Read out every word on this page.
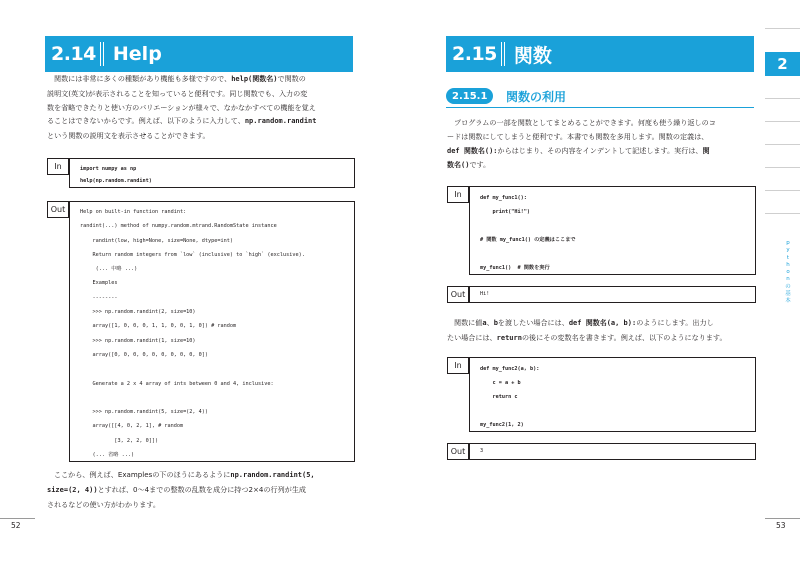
2.14 Help
関数には非常に多くの種類があり機能も多様ですので、help(関数名)で関数の
説明文(英文)が表示されることを知っていると便利です。同じ関数でも、入力の変
数を省略できたりと使い方のバリエーションが様々で、なかなかすべての機能を覚え
ることはできないからです。例えば、以下のように入力して、np.random.randint
という関数の説明文を表示させることができます。
In	import numpy as np
help(np.random.randint)
Out	Help on built-in function randint:
randint(...) method of numpy.random.mtrand.RandomState instance
randint(low, high=None, size=None, dtype=int)
Return random integers from `low` (inclusive) to `high` (exclusive).
(... 中略 ...)
Examples
--------
>>> np.random.randint(2, size=10)
array([1, 0, 0, 0, 1, 1, 0, 0, 1, 0]) # random
>>> np.random.randint(1, size=10)
array([0, 0, 0, 0, 0, 0, 0, 0, 0, 0])

Generate a 2 x 4 array of ints between 0 and 4, inclusive:

>>> np.random.randint(5, size=(2, 4))
array([[4, 0, 2, 1], # random
[3, 2, 2, 0]])
(... 省略 ...)
ここから、例えば、Examplesの下のほうにあるようにnp.random.randint(5,
size=(2, 4))とすれば、0〜4までの整数の乱数を成分に持つ2×4の行列が生成
されるなどの使い方がわかります。
52
2.15 関数
2.15.1	関数の利用
プログラムの一部を関数としてまとめることができます。何度も使う繰り返しのコ
ードは関数にしてしまうと便利です。本書でも関数を多用します。関数の定義は、
def 関数名():からはじまり、その内容をインデントして記述します。実行は、関
数名()です。
In	def my_func1():
print("Hi!")

# 関数 my_func1() の定義はここまで

my_func1()  # 関数を実行
Out	Hi!
関数に値a、bを渡したい場合には、def 関数名(a, b):のようにします。出力し
たい場合には、returnの後にその変数名を書きます。例えば、以下のようになります。
In	def my_func2(a, b):
c = a + b
return c

my_func2(1, 2)
Out	3
53
2
p
y
t
h
o
n
の
基
本
